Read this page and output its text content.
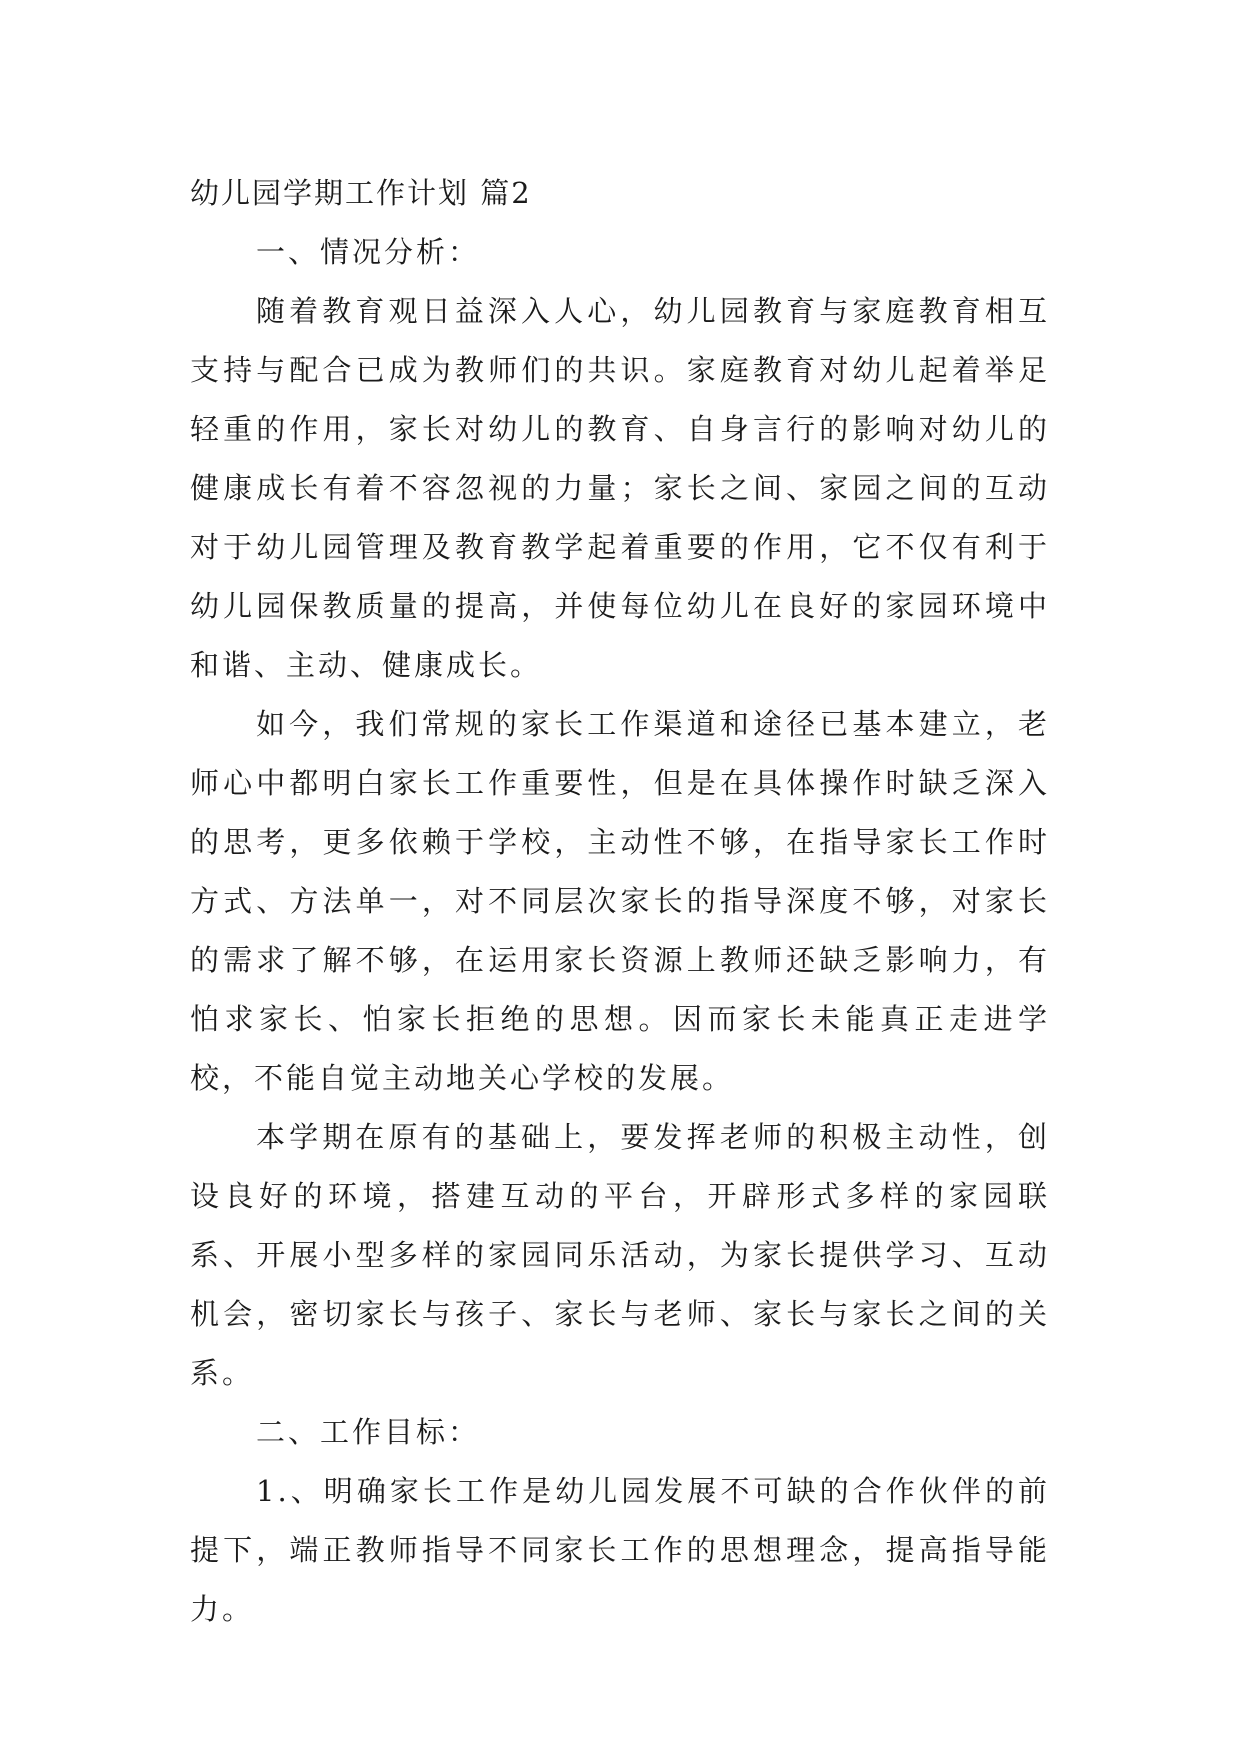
幼儿园学期工作计划 篇2

一、情况分析：

随着教育观日益深入人心，幼儿园教育与家庭教育相互支持与配合已成为教师们的共识。家庭教育对幼儿起着举足轻重的作用，家长对幼儿的教育、自身言行的影响对幼儿的健康成长有着不容忽视的力量；家长之间、家园之间的互动对于幼儿园管理及教育教学起着重要的作用，它不仅有利于幼儿园保教质量的提高，并使每位幼儿在良好的家园环境中和谐、主动、健康成长。

如今，我们常规的家长工作渠道和途径已基本建立，老师心中都明白家长工作重要性，但是在具体操作时缺乏深入的思考，更多依赖于学校，主动性不够，在指导家长工作时方式、方法单一，对不同层次家长的指导深度不够，对家长的需求了解不够，在运用家长资源上教师还缺乏影响力，有怕求家长、怕家长拒绝的思想。因而家长未能真正走进学校，不能自觉主动地关心学校的发展。

本学期在原有的基础上，要发挥老师的积极主动性，创设良好的环境，搭建互动的平台，开辟形式多样的家园联系、开展小型多样的家园同乐活动，为家长提供学习、互动机会，密切家长与孩子、家长与老师、家长与家长之间的关系。

二、工作目标：

1.、明确家长工作是幼儿园发展不可缺的合作伙伴的前提下，端正教师指导不同家长工作的思想理念，提高指导能力。
